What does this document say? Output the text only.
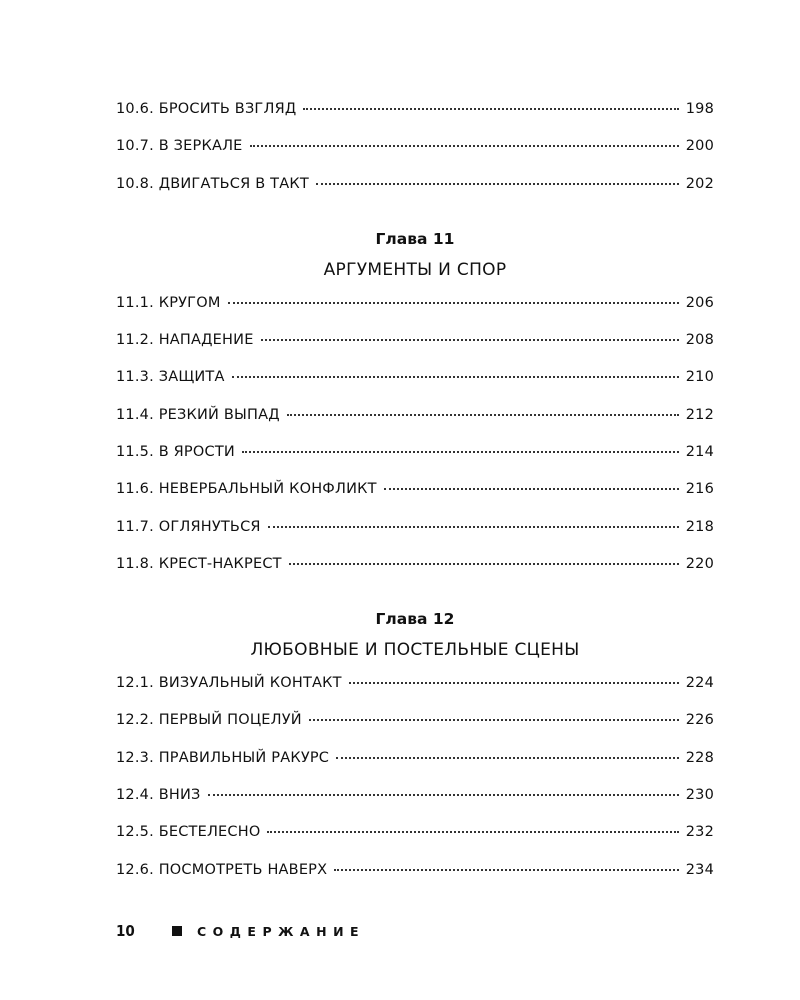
10.6. БРОСИТЬ ВЗГЛЯД	198
10.7. В ЗЕРКАЛЕ	200
10.8. ДВИГАТЬСЯ В ТАКТ	202
Глава 11
АРГУМЕНТЫ И СПОР
11.1. КРУГОМ	206
11.2. НАПАДЕНИЕ	208
11.3. ЗАЩИТА	210
11.4. РЕЗКИЙ ВЫПАД	212
11.5. В ЯРОСТИ	214
11.6. НЕВЕРБАЛЬНЫЙ КОНФЛИКТ	216
11.7. ОГЛЯНУТЬСЯ	218
11.8. КРЕСТ-НАКРЕСТ	220
Глава 12
ЛЮБОВНЫЕ И ПОСТЕЛЬНЫЕ СЦЕНЫ
12.1. ВИЗУАЛЬНЫЙ КОНТАКТ	224
12.2. ПЕРВЫЙ ПОЦЕЛУЙ	226
12.3. ПРАВИЛЬНЫЙ РАКУРС	228
12.4. ВНИЗ	230
12.5. БЕСТЕЛЕСНО	232
12.6. ПОСМОТРЕТЬ НАВЕРХ	234
10	СОДЕРЖАНИЕ
